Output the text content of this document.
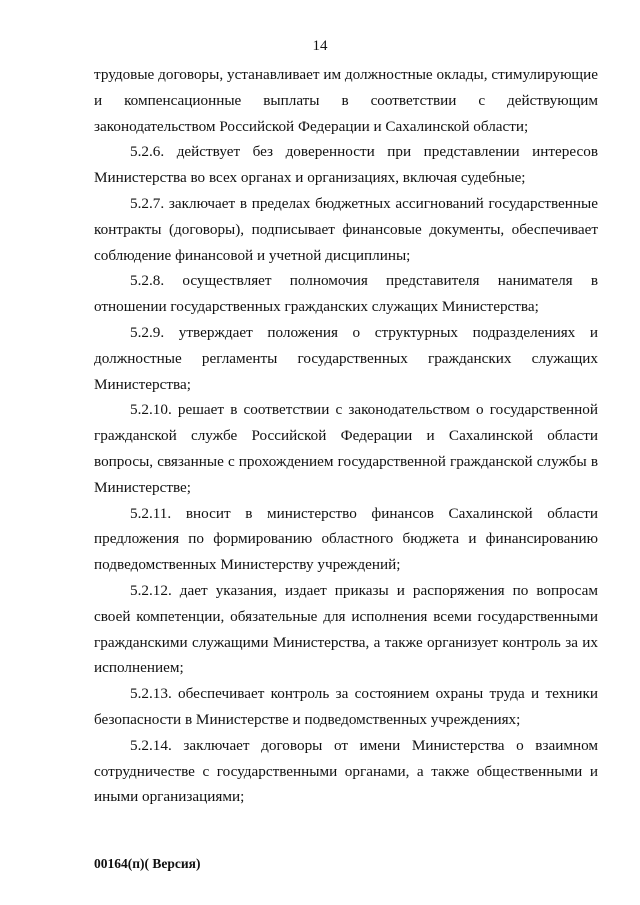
14

трудовые договоры, устанавливает им должностные оклады, стимулирующие и компенсационные выплаты в соответствии с действующим законодательством Российской Федерации и Сахалинской области;

5.2.6. действует без доверенности при представлении интересов Министерства во всех органах и организациях, включая судебные;

5.2.7. заключает в пределах бюджетных ассигнований государственные контракты (договоры), подписывает финансовые документы, обеспечивает соблюдение финансовой и учетной дисциплины;

5.2.8. осуществляет полномочия представителя нанимателя в отношении государственных гражданских служащих Министерства;

5.2.9. утверждает положения о структурных подразделениях и должностные регламенты государственных гражданских служащих Министерства;

5.2.10. решает в соответствии с законодательством о государственной гражданской службе Российской Федерации и Сахалинской области вопросы, связанные с прохождением государственной гражданской службы в Министерстве;

5.2.11. вносит в министерство финансов Сахалинской области предложения по формированию областного бюджета и финансированию подведомственных Министерству учреждений;

5.2.12. дает указания, издает приказы и распоряжения по вопросам своей компетенции, обязательные для исполнения всеми государственными гражданскими служащими Министерства, а также организует контроль за их исполнением;

5.2.13. обеспечивает контроль за состоянием охраны труда и техники безопасности в Министерстве и подведомственных учреждениях;

5.2.14. заключает договоры от имени Министерства о взаимном сотрудничестве с государственными органами, а также общественными и иными организациями;

00164(п)( Версия)
